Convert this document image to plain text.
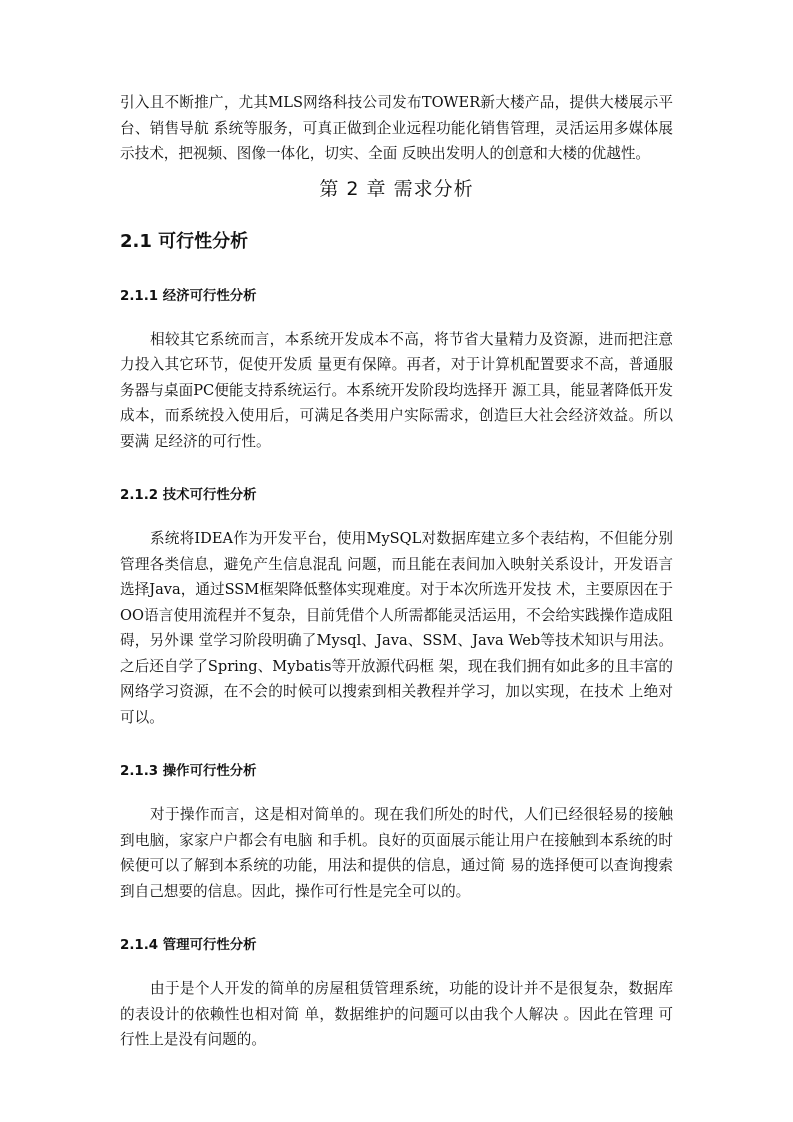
引入且不断推广，尤其MLS网络科技公司发布TOWER新大楼产品，提供大楼展示平台、销售导航 系统等服务，可真正做到企业远程功能化销售管理，灵活运用多媒体展示技术，把视频、图像一体化，切实、全面 反映出发明人的创意和大楼的优越性。

第 2 章 需求分析
2.1 可行性分析
2.1.1 经济可行性分析

相较其它系统而言，本系统开发成本不高，将节省大量精力及资源，进而把注意力投入其它环节，促使开发质 量更有保障。再者，对于计算机配置要求不高，普通服务器与桌面PC便能支持系统运行。本系统开发阶段均选择开 源工具，能显著降低开发成本，而系统投入使用后，可满足各类用户实际需求，创造巨大社会经济效益。所以要满 足经济的可行性。

2.1.2 技术可行性分析

系统将IDEA作为开发平台，使用MySQL对数据库建立多个表结构，不但能分别管理各类信息，避免产生信息混乱 问题，而且能在表间加入映射关系设计，开发语言选择Java，通过SSM框架降低整体实现难度。对于本次所选开发技 术，主要原因在于OO语言使用流程并不复杂，目前凭借个人所需都能灵活运用，不会给实践操作造成阻碍，另外课 堂学习阶段明确了Mysql、Java、SSM、Java Web等技术知识与用法。之后还自学了Spring、Mybatis等开放源代码框 架，现在我们拥有如此多的且丰富的网络学习资源，在不会的时候可以搜索到相关教程并学习，加以实现，在技术 上绝对可以。

2.1.3 操作可行性分析

对于操作而言，这是相对简单的。现在我们所处的时代，人们已经很轻易的接触到电脑，家家户户都会有电脑 和手机。良好的页面展示能让用户在接触到本系统的时候便可以了解到本系统的功能，用法和提供的信息，通过简 易的选择便可以查询搜索到自己想要的信息。因此，操作可行性是完全可以的。

2.1.4 管理可行性分析

由于是个人开发的简单的房屋租赁管理系统，功能的设计并不是很复杂，数据库的表设计的依赖性也相对简 单，数据维护的问题可以由我个人解决 。因此在管理 可行性上是没有问题的。
